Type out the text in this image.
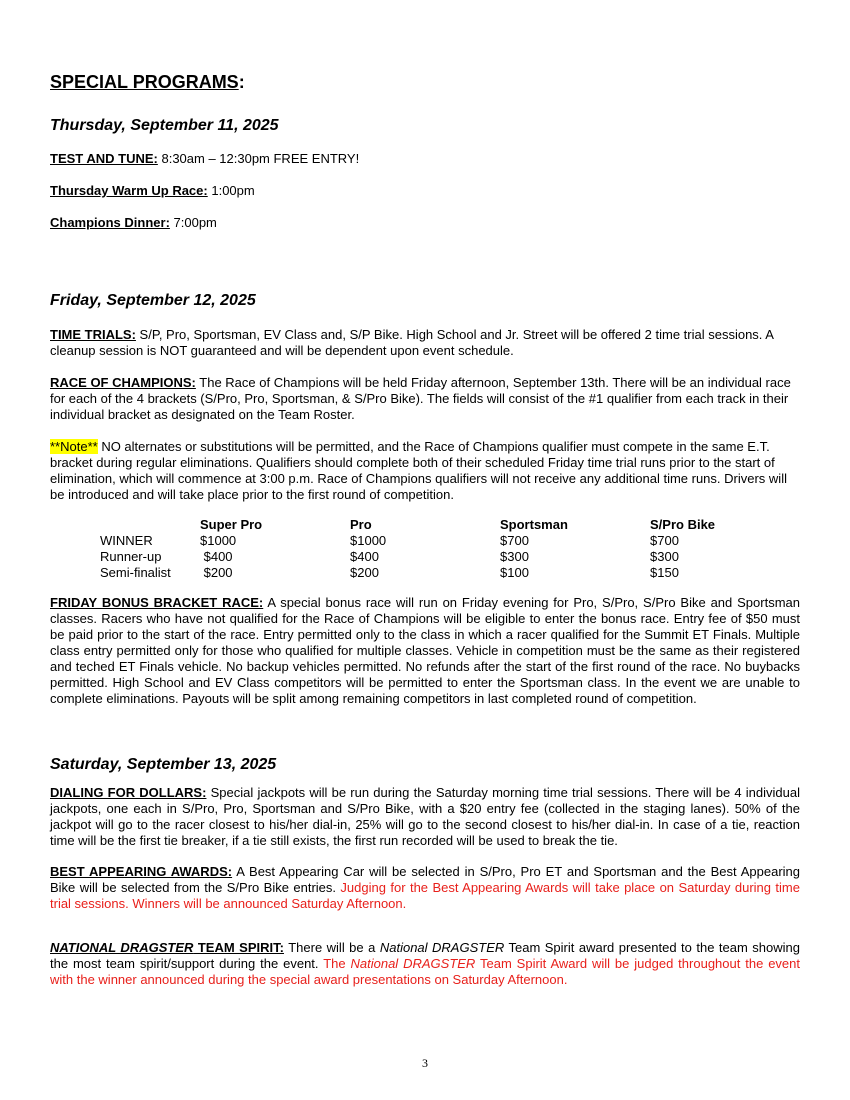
SPECIAL PROGRAMS:
Thursday, September 11, 2025

TEST AND TUNE: 8:30am – 12:30pm FREE ENTRY!

Thursday Warm Up Race: 1:00pm

Champions Dinner: 7:00pm

Friday, September 12, 2025

TIME TRIALS: S/P, Pro, Sportsman, EV Class and, S/P Bike. High School and Jr. Street will be offered 2 time trial sessions. A cleanup session is NOT guaranteed and will be dependent upon event schedule.

RACE OF CHAMPIONS: The Race of Champions will be held Friday afternoon, September 13th. There will be an individual race for each of the 4 brackets (S/Pro, Pro, Sportsman, & S/Pro Bike). The fields will consist of the #1 qualifier from each track in their individual bracket as designated on the Team Roster.

**Note** NO alternates or substitutions will be permitted, and the Race of Champions qualifier must compete in the same E.T. bracket during regular eliminations. Qualifiers should complete both of their scheduled Friday time trial runs prior to the start of elimination, which will commence at 3:00 p.m. Race of Champions qualifiers will not receive any additional time runs. Drivers will be introduced and will take place prior to the first round of competition.

	Super Pro	Pro	Sportsman	S/Pro Bike
WINNER	$1000	$1000	$700	$700
Runner-up	$400	$400	$300	$300
Semi-finalist	$200	$200	$100	$150

FRIDAY BONUS BRACKET RACE: A special bonus race will run on Friday evening for Pro, S/Pro, S/Pro Bike and Sportsman classes. Racers who have not qualified for the Race of Champions will be eligible to enter the bonus race. Entry fee of $50 must be paid prior to the start of the race. Entry permitted only to the class in which a racer qualified for the Summit ET Finals. Multiple class entry permitted only for those who qualified for multiple classes. Vehicle in competition must be the same as their registered and teched ET Finals vehicle. No backup vehicles permitted. No refunds after the start of the first round of the race. No buybacks permitted. High School and EV Class competitors will be permitted to enter the Sportsman class. In the event we are unable to complete eliminations. Payouts will be split among remaining competitors in last completed round of competition.

Saturday, September 13, 2025

DIALING FOR DOLLARS: Special jackpots will be run during the Saturday morning time trial sessions. There will be 4 individual jackpots, one each in S/Pro, Pro, Sportsman and S/Pro Bike, with a $20 entry fee (collected in the staging lanes). 50% of the jackpot will go to the racer closest to his/her dial-in, 25% will go to the second closest to his/her dial-in. In case of a tie, reaction time will be the first tie breaker, if a tie still exists, the first run recorded will be used to break the tie.

BEST APPEARING AWARDS: A Best Appearing Car will be selected in S/Pro, Pro ET and Sportsman and the Best Appearing Bike will be selected from the S/Pro Bike entries. Judging for the Best Appearing Awards will take place on Saturday during time trial sessions. Winners will be announced Saturday Afternoon.

NATIONAL DRAGSTER TEAM SPIRIT: There will be a National DRAGSTER Team Spirit award presented to the team showing the most team spirit/support during the event. The National DRAGSTER Team Spirit Award will be judged throughout the event with the winner announced during the special award presentations on Saturday Afternoon.

3
